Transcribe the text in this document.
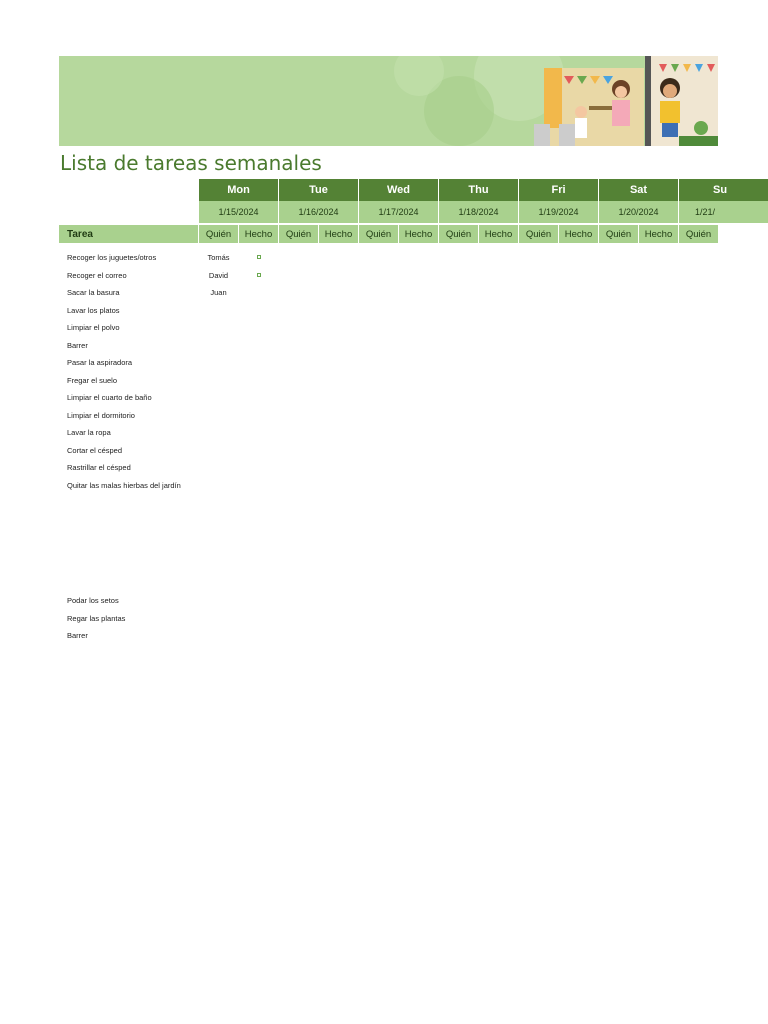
Lista de tareas semanales
Mon	Tue	Wed	Thu	Fri	Sat	Su
1/15/2024	1/16/2024	1/17/2024	1/18/2024	1/19/2024	1/20/2024	1/21/
Tarea	Quién	Hecho	Quién	Hecho	Quién	Hecho	Quién	Hecho	Quién	Hecho	Quién	Hecho	Quién
Recoger los juguetes/otros	Tomás
Recoger el correo	David
Sacar la basura	Juan
Lavar los platos
Limpiar el polvo
Barrer
Pasar la aspiradora
Fregar el suelo
Limpiar el cuarto de baño
Limpiar el dormitorio
Lavar la ropa
Cortar el césped
Rastrillar el césped
Quitar las malas hierbas del jardín
Podar los setos
Regar las plantas
Barrer
